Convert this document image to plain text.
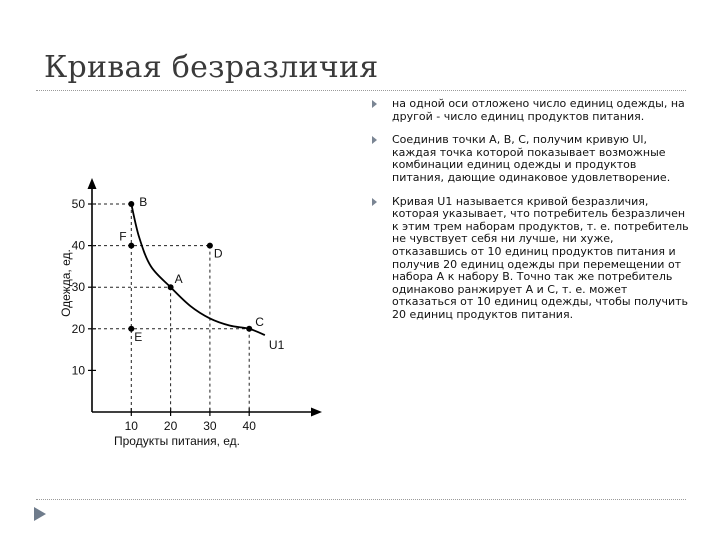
Кривая безразличия
10
20
30
40
50
10 20 30 40
U1
B
F
D
A
E
C
Продукты питания, ед.
Одежда, ед.
на одной оси отложено число единиц одежды, на другой - число единиц продуктов питания.
Соединив точки А, В, С, получим кривую Ul, каждая точка которой показывает возможные комбинации единиц одежды и продуктов питания, дающие одинаковое удовлетворение.
Кривая U1 называется кривой безразличия, которая указывает, что потребитель безразличен к этим трем наборам продуктов, т. е. потребитель не чувствует себя ни лучше, ни хуже, отказавшись от 10 единиц продуктов питания и получив 20 единиц одежды при перемещении от набора А к набору В. Точно так же потребитель одинаково ранжирует А и С, т. е. может отказаться от 10 единиц одежды, чтобы получить 20 единиц продуктов питания.
